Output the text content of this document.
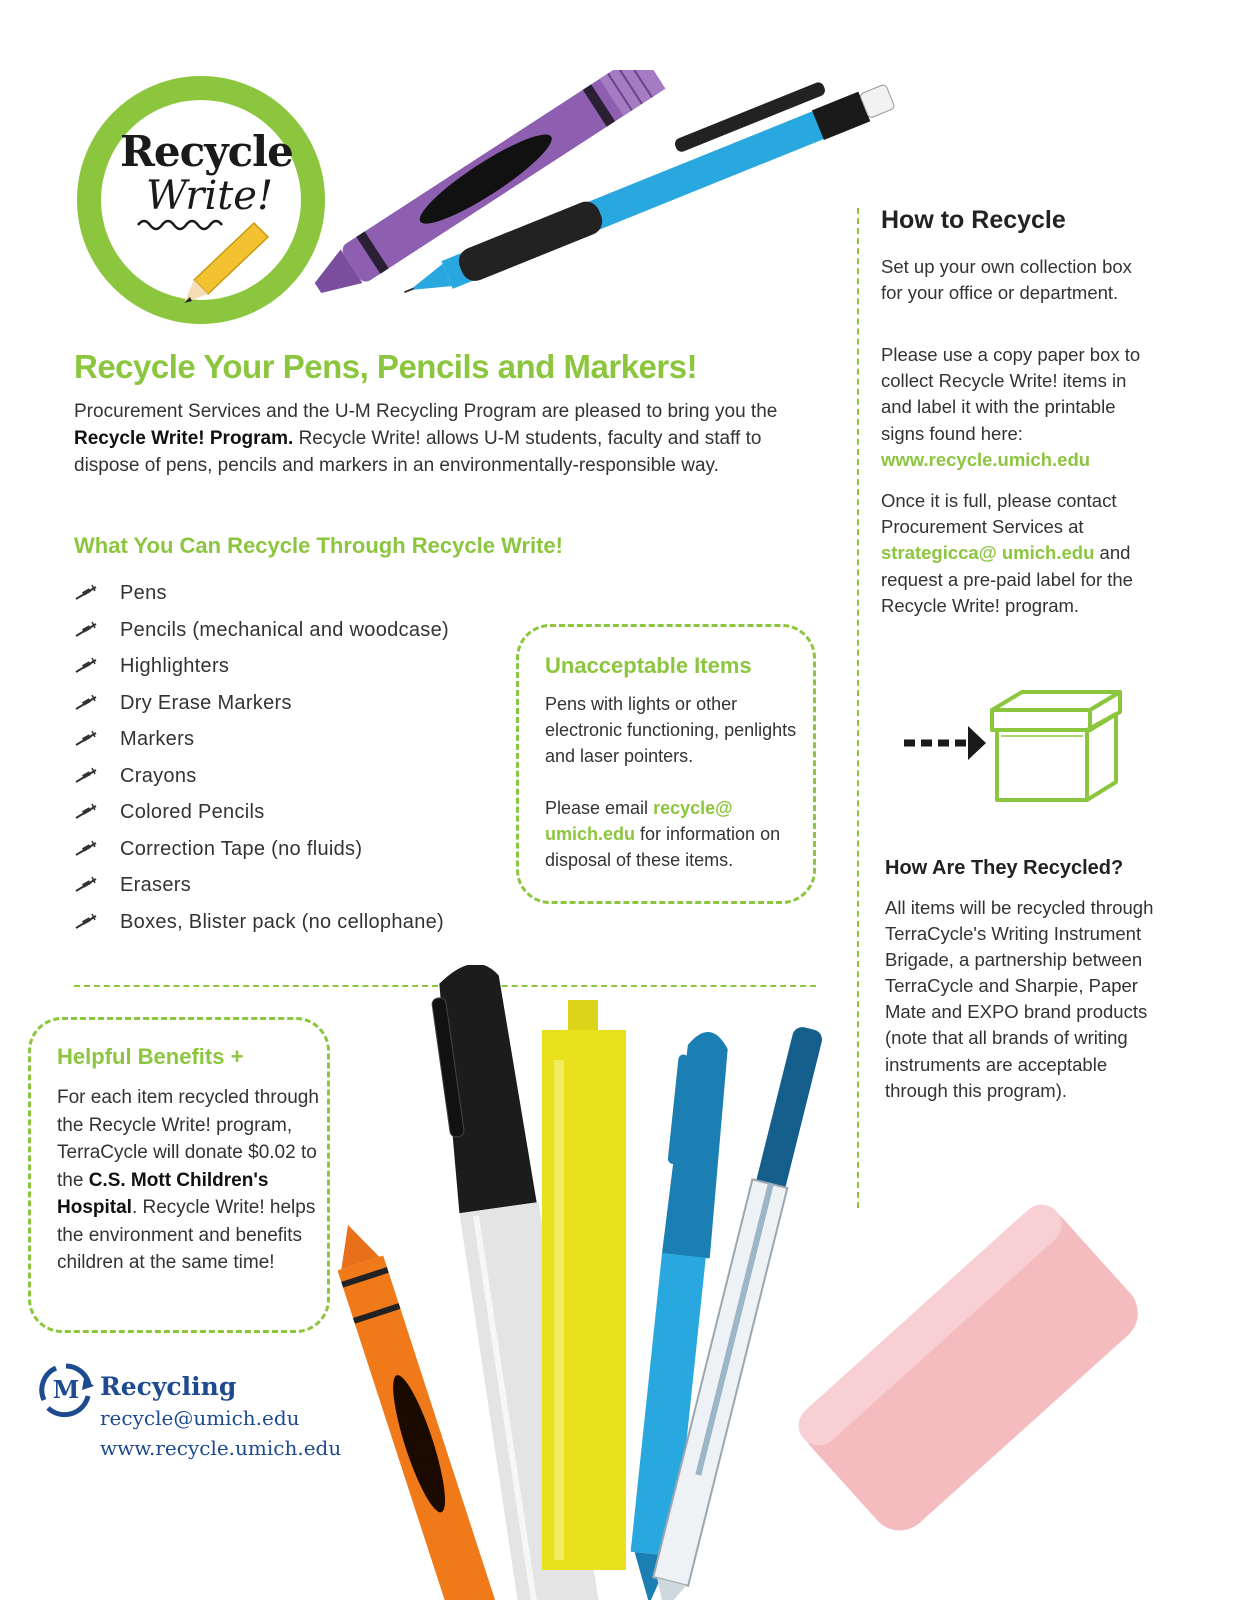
Recycle
Write!
Recycle Your Pens, Pencils and Markers!
Procurement Services and the U-M Recycling Program are pleased to bring you the Recycle Write! Program. Recycle Write! allows U-M students, faculty and staff to dispose of pens, pencils and markers in an environmentally-responsible way.
What You Can Recycle Through Recycle Write!
Pens
Pencils (mechanical and woodcase)
Highlighters
Dry Erase Markers
Markers
Crayons
Colored Pencils
Correction Tape (no fluids)
Erasers
Boxes, Blister pack (no cellophane)
Unacceptable Items

Pens with lights or other electronic functioning, penlights and laser pointers.

Please email recycle@ umich.edu for information on disposal of these items.

Helpful Benefits +

For each item recycled through the Recycle Write! program, TerraCycle will donate $0.02 to the C.S. Mott Children's Hospital. Recycle Write! helps the environment and benefits children at the same time!

How to Recycle

Set up your own collection box for your office or department.

Please use a copy paper box to collect Recycle Write! items in and label it with the printable signs found here:
www.recycle.umich.edu

Once it is full, please contact Procurement Services at strategicca@ umich.edu and request a pre-paid label for the Recycle Write! program.

How Are They Recycled?

All items will be recycled through TerraCycle's Writing Instrument Brigade, a partnership between TerraCycle and Sharpie, Paper Mate and EXPO brand products (note that all brands of writing instruments are acceptable through this program).

M Recycling
recycle@umich.edu
www.recycle.umich.edu
